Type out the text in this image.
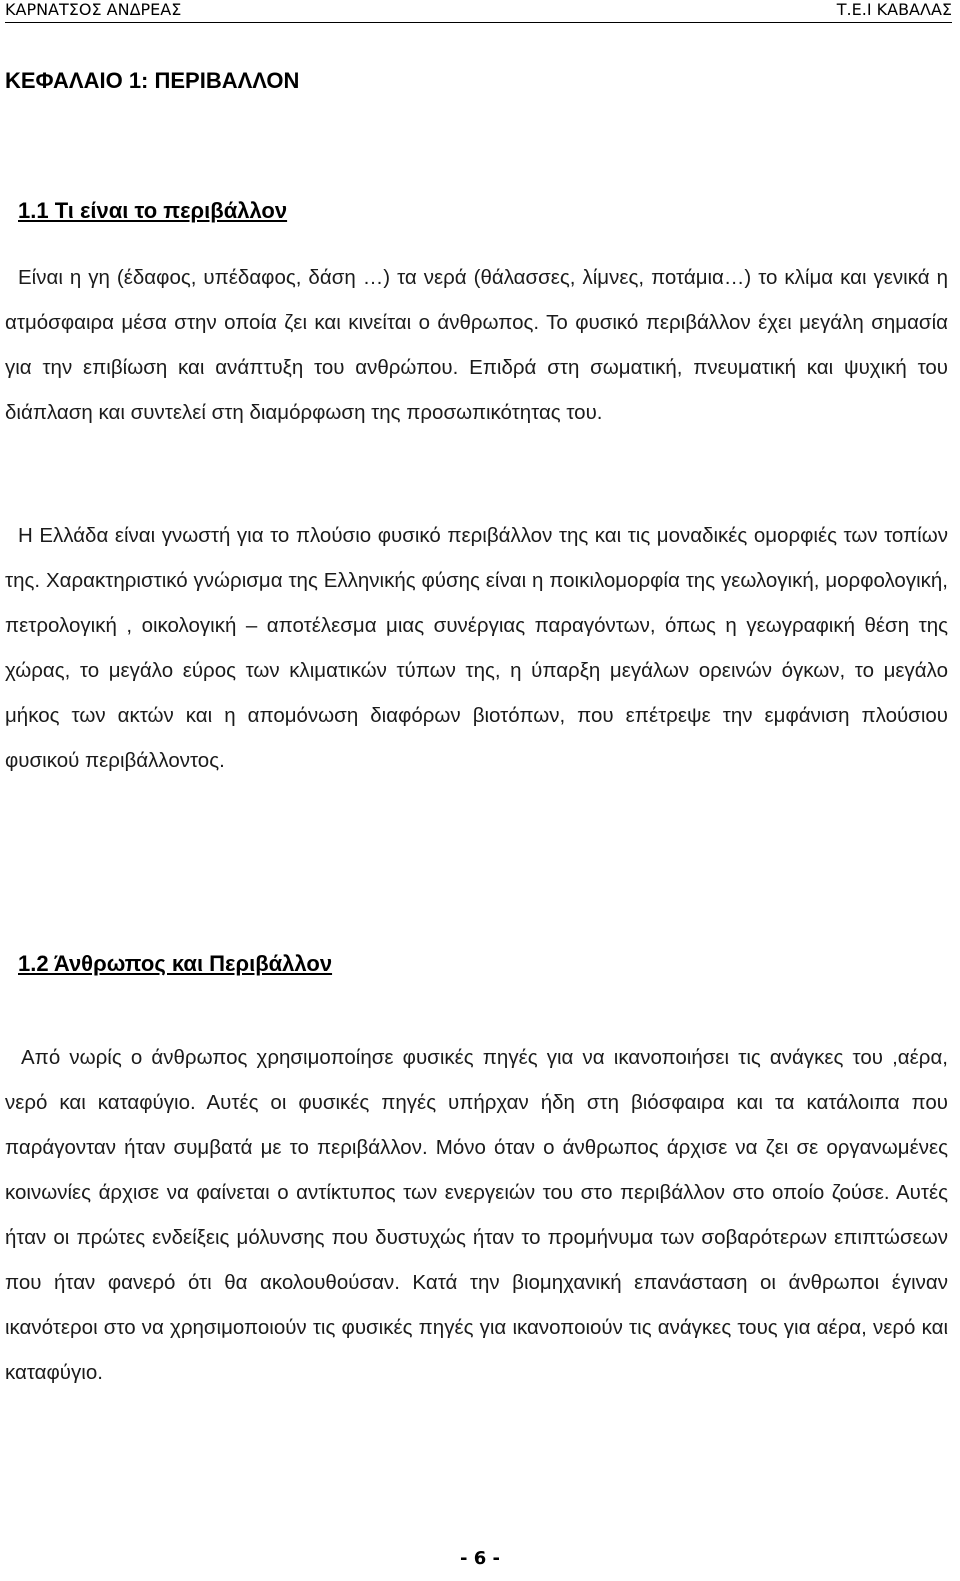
ΚΑΡΝΑΤΣΟΣ ΑΝΔΡΕΑΣ	Τ.Ε.Ι ΚΑΒΑΛΑΣ
ΚΕΦΑΛΑΙΟ 1: ΠΕΡΙΒΑΛΛΟΝ
1.1 Τι είναι το περιβάλλον

Είναι η γη (έδαφος, υπέδαφος, δάση …) τα νερά (θάλασσες, λίμνες, ποτάμια…) το κλίμα και γενικά η ατμόσφαιρα μέσα στην οποία ζει και κινείται ο άνθρωπος. Το φυσικό περιβάλλον έχει μεγάλη σημασία για την επιβίωση και ανάπτυξη του ανθρώπου. Επιδρά στη σωματική, πνευματική και ψυχική του διάπλαση και συντελεί στη διαμόρφωση της προσωπικότητας του.

Η Ελλάδα είναι γνωστή για το πλούσιο φυσικό περιβάλλον της και τις μοναδικές ομορφιές των τοπίων της. Χαρακτηριστικό γνώρισμα της Ελληνικής φύσης είναι η ποικιλομορφία της γεωλογική, μορφολογική, πετρολογική , οικολογική – αποτέλεσμα μιας συνέργιας παραγόντων, όπως η γεωγραφική θέση της χώρας, το μεγάλο εύρος των κλιματικών τύπων της, η ύπαρξη μεγάλων ορεινών όγκων, το μεγάλο μήκος των ακτών και η απομόνωση διαφόρων βιοτόπων, που επέτρεψε την εμφάνιση πλούσιου φυσικού περιβάλλοντος.

1.2 Άνθρωπος και Περιβάλλον

Από νωρίς ο άνθρωπος χρησιμοποίησε φυσικές πηγές για να ικανοποιήσει τις ανάγκες του ,αέρα, νερό και καταφύγιο. Αυτές οι φυσικές πηγές υπήρχαν ήδη στη βιόσφαιρα και τα κατάλοιπα που παράγονταν ήταν συμβατά με το περιβάλλον. Μόνο όταν ο άνθρωπος άρχισε να ζει σε οργανωμένες κοινωνίες άρχισε να φαίνεται ο αντίκτυπος των ενεργειών του στο περιβάλλον στο οποίο ζούσε. Αυτές ήταν οι πρώτες ενδείξεις μόλυνσης που δυστυχώς ήταν το προμήνυμα των σοβαρότερων επιπτώσεων που ήταν φανερό ότι θα ακολουθούσαν. Κατά την βιομηχανική επανάσταση οι άνθρωποι έγιναν ικανότεροι στο να χρησιμοποιούν τις φυσικές πηγές για ικανοποιούν τις ανάγκες τους για αέρα, νερό και καταφύγιο.

- 6 -
